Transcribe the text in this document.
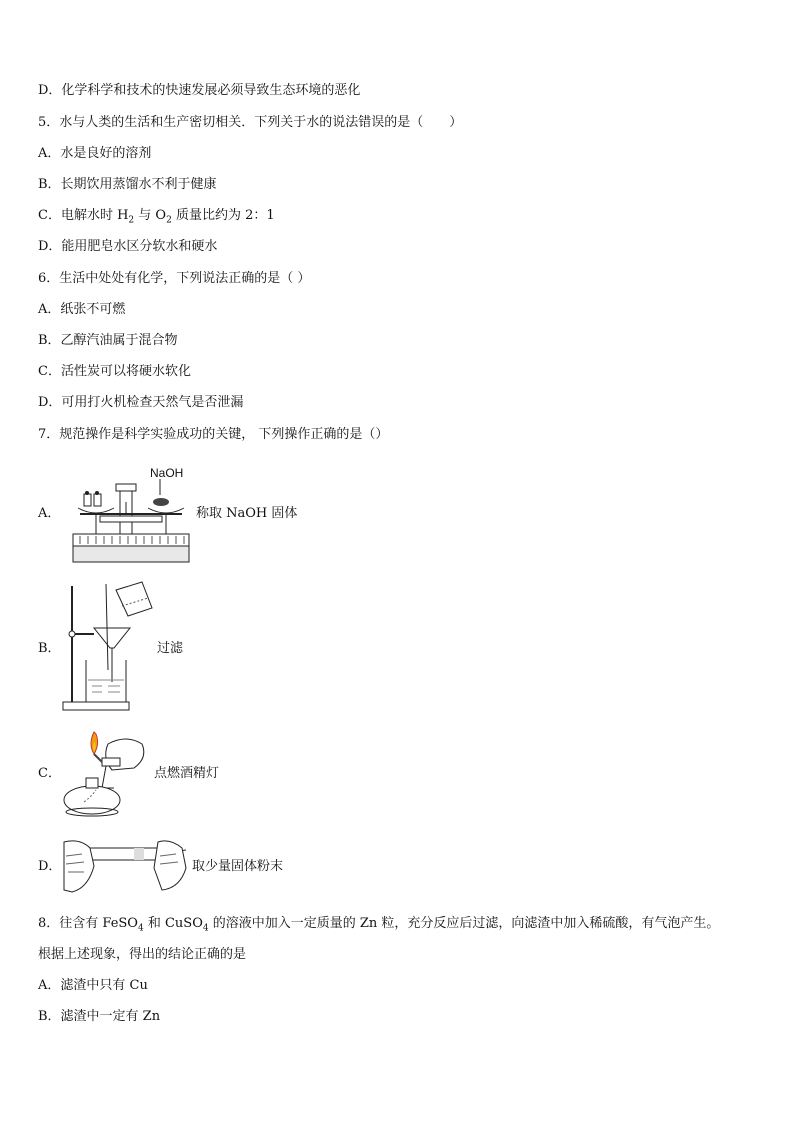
D．化学科学和技术的快速发展必须导致生态环境的恶化
5．水与人类的生活和生产密切相关．下列关于水的说法错误的是（　　）
A．水是良好的溶剂
B．长期饮用蒸馏水不利于健康
C．电解水时 $H_2$ 与 $O_2$ 质量比约为 2：1
D．能用肥皂水区分软水和硬水
6．生活中处处有化学，下列说法正确的是（ ）
A．纸张不可燃
B．乙醇汽油属于混合物
C．活性炭可以将硬水软化
D．可用打火机检查天然气是否泄漏
7．规范操作是科学实验成功的关键， 下列操作正确的是（）
A．
NaOH
称取 NaOH 固体
B．	过滤
C．	点燃酒精灯
D．	取少量固体粉末
8．往含有 FeSO$_4$ 和 CuSO$_4$ 的溶液中加入一定质量的 Zn 粒，充分反应后过滤，向滤渣中加入稀硫酸，有气泡产生。
根据上述现象，得出的结论正确的是
A．滤渣中只有 Cu
B．滤渣中一定有 Zn
